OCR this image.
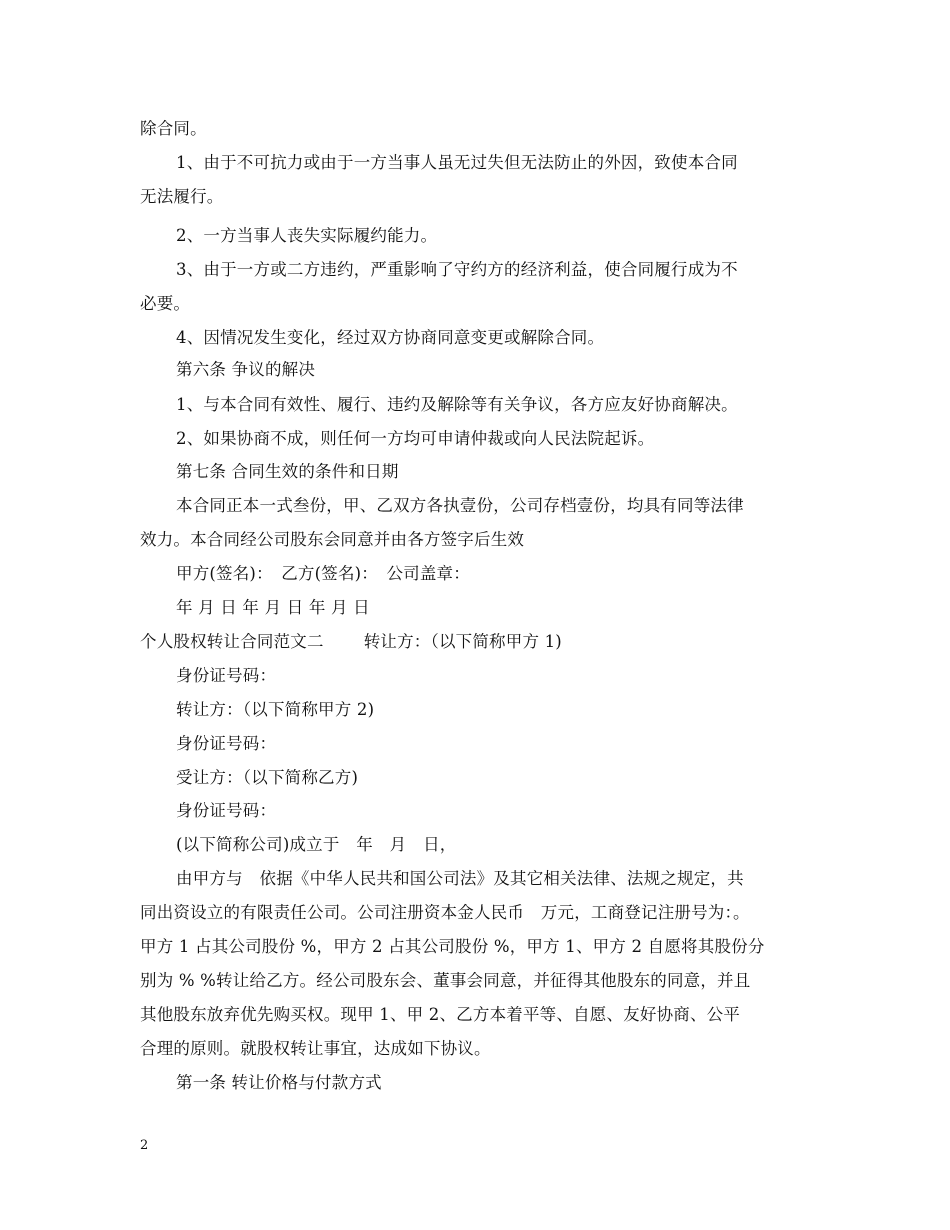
除合同。
1、由于不可抗力或由于一方当事人虽无过失但无法防止的外因，致使本合同
无法履行。
2、一方当事人丧失实际履约能力。
3、由于一方或二方违约，严重影响了守约方的经济利益，使合同履行成为不
必要。
4、因情况发生变化，经过双方协商同意变更或解除合同。
第六条 争议的解决
1、与本合同有效性、履行、违约及解除等有关争议，各方应友好协商解决。
2、如果协商不成，则任何一方均可申请仲裁或向人民法院起诉。
第七条 合同生效的条件和日期
本合同正本一式叁份，甲、乙双方各执壹份，公司存档壹份，均具有同等法律
效力。本合同经公司股东会同意并由各方签字后生效
甲方(签名)：　乙方(签名)：　公司盖章：
年 月 日 年 月 日 年 月 日
个人股权转让合同范文二 转让方：（以下简称甲方 1)
身份证号码：
转让方：（以下简称甲方 2)
身份证号码：
受让方：（以下简称乙方)
身份证号码：
(以下简称公司)成立于　年　月　日，
由甲方与　依据《中华人民共和国公司法》及其它相关法律、法规之规定，共
同出资设立的有限责任公司。公司注册资本金人民币　万元，工商登记注册号为：。
甲方 1 占其公司股份 %，甲方 2 占其公司股份 %，甲方 1、甲方 2 自愿将其股份分
别为 % %转让给乙方。经公司股东会、董事会同意，并征得其他股东的同意，并且
其他股东放弃优先购买权。现甲 1、甲 2、乙方本着平等、自愿、友好协商、公平
合理的原则。就股权转让事宜，达成如下协议。
第一条 转让价格与付款方式
2
